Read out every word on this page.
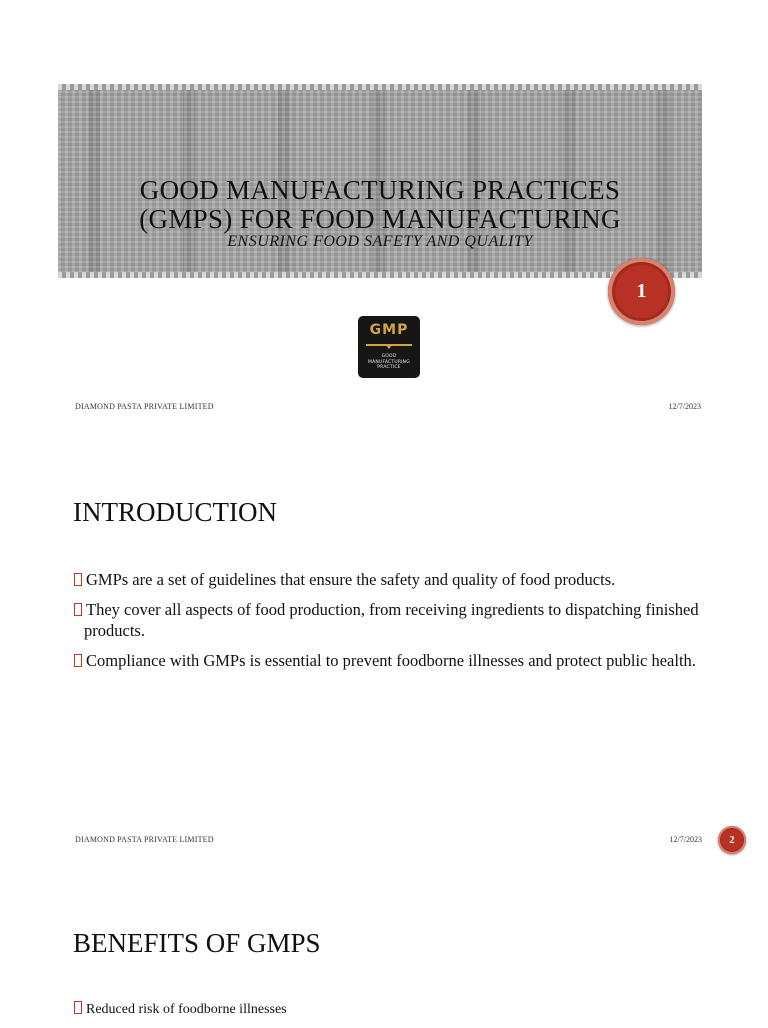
GOOD MANUFACTURING PRACTICES
(GMPS) FOR FOOD MANUFACTURING
ENSURING FOOD SAFETY AND QUALITY
1
GMP
GOOD
MANUFACTURING
PRACTICE
DIAMOND PASTA PRIVATE LIMITED	12/7/2023
INTRODUCTION
GMPs are a set of guidelines that ensure the safety and quality of food products.
They cover all aspects of food production, from receiving ingredients to dispatching finished products.
Compliance with GMPs is essential to prevent foodborne illnesses and protect public health.
DIAMOND PASTA PRIVATE LIMITED	12/7/2023	2
BENEFITS OF GMPS
Reduced risk of foodborne illnesses
